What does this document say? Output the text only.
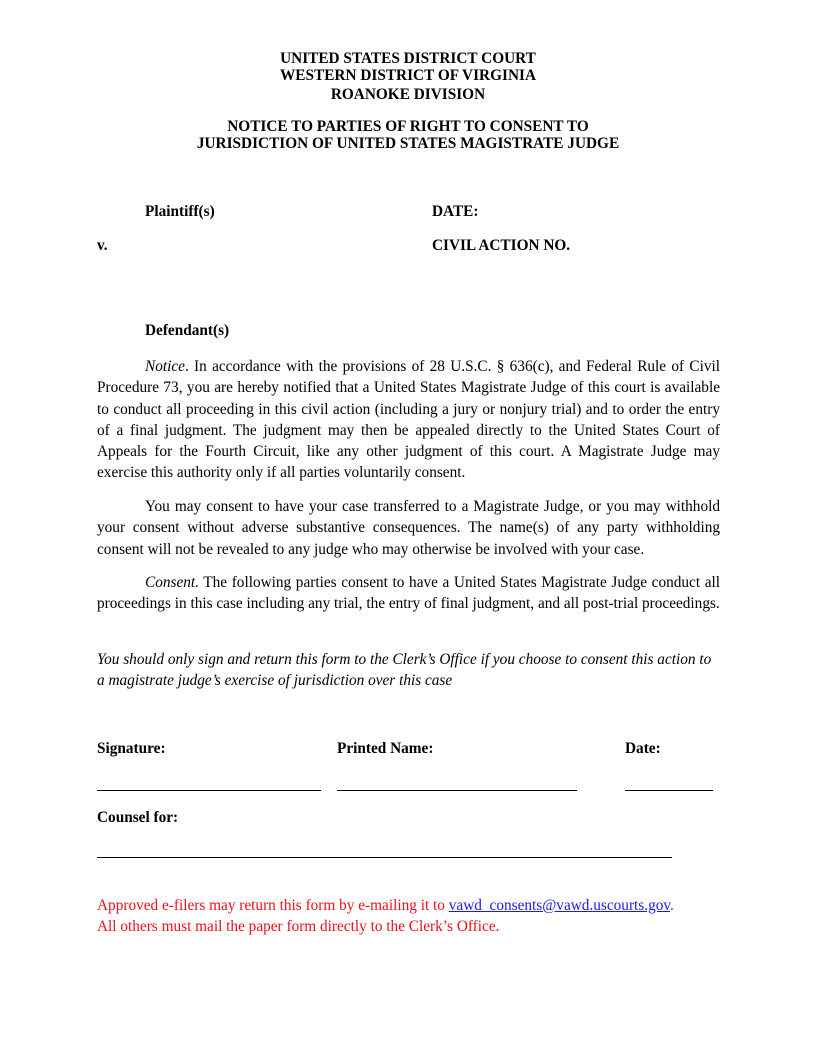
UNITED STATES DISTRICT COURT
WESTERN DISTRICT OF VIRGINIA
ROANOKE DIVISION
NOTICE TO PARTIES OF RIGHT TO CONSENT TO
JURISDICTION OF UNITED STATES MAGISTRATE JUDGE
Plaintiff(s)	DATE:
v.	CIVIL ACTION NO.
Defendant(s)
Notice. In accordance with the provisions of 28 U.S.C. § 636(c), and Federal Rule of Civil Procedure 73, you are hereby notified that a United States Magistrate Judge of this court is available to conduct all proceeding in this civil action (including a jury or nonjury trial) and to order the entry of a final judgment. The judgment may then be appealed directly to the United States Court of Appeals for the Fourth Circuit, like any other judgment of this court. A Magistrate Judge may exercise this authority only if all parties voluntarily consent.
You may consent to have your case transferred to a Magistrate Judge, or you may withhold your consent without adverse substantive consequences. The name(s) of any party withholding consent will not be revealed to any judge who may otherwise be involved with your case.
Consent. The following parties consent to have a United States Magistrate Judge conduct all proceedings in this case including any trial, the entry of final judgment, and all post-trial proceedings.
You should only sign and return this form to the Clerk’s Office if you choose to consent this action to a magistrate judge’s exercise of jurisdiction over this case
Signature:	Printed Name:	Date:
Counsel for:
Approved e-filers may return this form by e-mailing it to vawd_consents@vawd.uscourts.gov.
All others must mail the paper form directly to the Clerk’s Office.
